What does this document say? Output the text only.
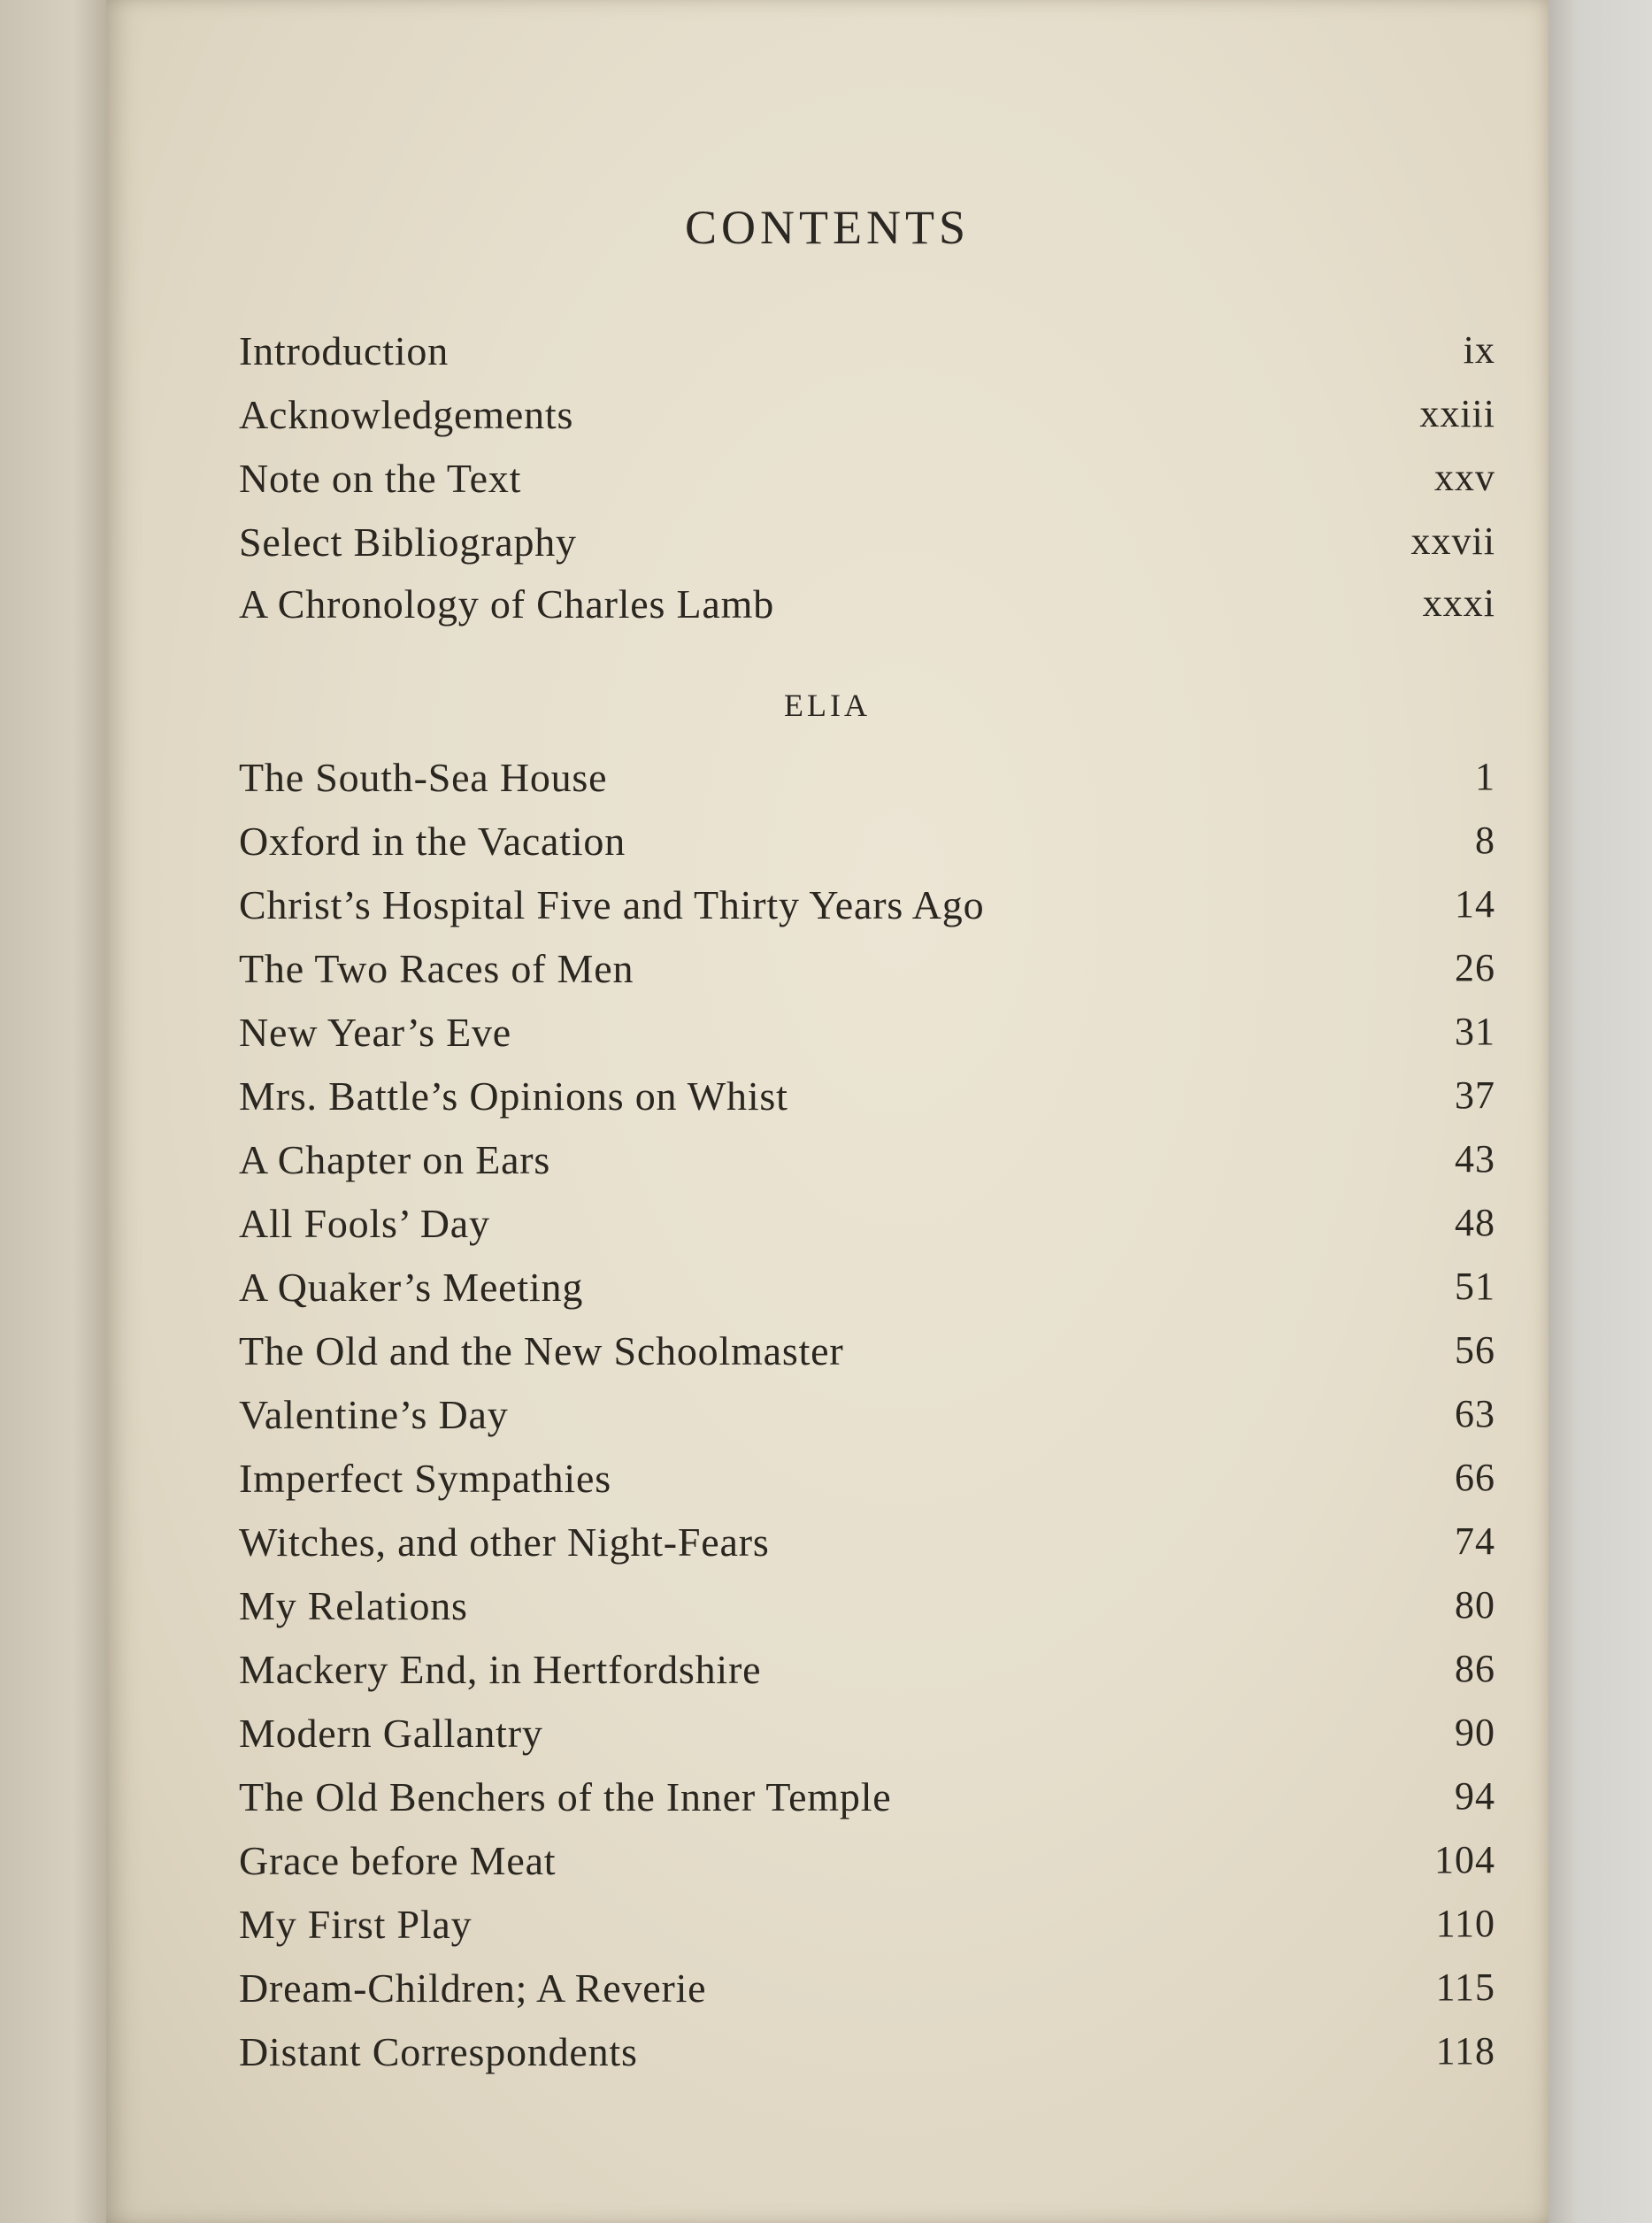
CONTENTS
Introduction	ix
Acknowledgements	xxiii
Note on the Text	xxv
Select Bibliography	xxvii
A Chronology of Charles Lamb	xxxi
ELIA
The South-Sea House	1
Oxford in the Vacation	8
Christ’s Hospital Five and Thirty Years Ago	14
The Two Races of Men	26
New Year’s Eve	31
Mrs. Battle’s Opinions on Whist	37
A Chapter on Ears	43
All Fools’ Day	48
A Quaker’s Meeting	51
The Old and the New Schoolmaster	56
Valentine’s Day	63
Imperfect Sympathies	66
Witches, and other Night-Fears	74
My Relations	80
Mackery End, in Hertfordshire	86
Modern Gallantry	90
The Old Benchers of the Inner Temple	94
Grace before Meat	104
My First Play	110
Dream-Children; A Reverie	115
Distant Correspondents	118
